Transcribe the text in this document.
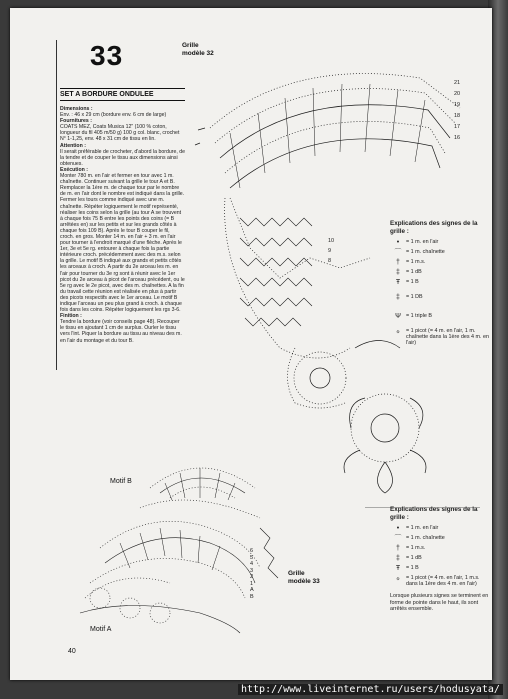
33
SET A BORDURE ONDULEE

Dimensions :
Env. : 46 x 29 cm (bordure env. 6 cm de large)

Fournitures :
COATS MEZ, Coats Musica 12" (100 % coton, longueur du fil 405 m/50 g) 100 g col. blanc, crochet N° 1-1,25, env. 48 x 31 cm de tissu en lin.

Attention :
Il serait préférable de crocheter, d'abord la bordure, de la tendre et de couper le tissu aux dimensions ainsi obtenues.

Exécution :
Monter 780 m. en l'air et fermer en tour avec 1 m. chaînette. Continuer suivant la grille le tour A et B. Remplacer la 1ère m. de chaque tour par le nombre de m. en l'air dont le nombre est indiqué dans la grille. Fermer les tours comme indiqué avec une m. chaînette. Répéter logiquement le motif représenté, réaliser les coins selon la grille (au tour A se trouvent à chaque fois 75 B entre les points des coins (= B arrêtées en) sur les petits et sur les grands côtés à chaque fois 109 B). Après le tour B couper le fil, croch. en gros. Monter 14 m. en l'air + 3 m. en l'air pour tourner à l'endroit marqué d'une flèche. Après le 1er, 3e et 5e rg. entourer à chaque fois la partie intérieure croch. précédemment avec des m.s. selon la grille. Le motif B indiqué aux grands et petits côtés les arceaux à croch. A partir du 2e arceau les m. en l'air pour tourner du 3e rg sont à réunir avec le 1er picot du 2e arceau à picot de l'arceau précédent, ou le 5e rg avec le 2e picot, avec des m. chaînettes. A la fin du travail cette réunion est réalisée en plus à partir des picots respectifs avec le 1er arceau. Le motif B indique l'arceau un peu plus grand à croch. à chaque fois dans les coins. Répéter logiquement les rgs 3-6.

Finition :
Tendre la bordure (voir conseils page 48). Recouper le tissu en ajoutant 1 cm de surplus. Ourler le tissu vers l'int. Piquer la bordure au tissu au niveau des m. en l'air du montage et du tour B.

Grille
modèle 32
21
20
19
18
17
16
10
9
8
Explications des signes de la grille :
•	= 1 m. en l'air
⌒ = 1 m. chaînette
†	= 1 m.s.
‡	= 1 dB
Ŧ	= 1 B
‡	= 1 DB
Ψ = 1 triple B
ℴ	= 1 picot (= 4 m. en l'air, 1 m. chaînette dans la 1ère des 4 m. en l'air)
6
5
4
3
2
1
A
B
Motif B
Motif A
Grille
modèle 33
Explications des signes de la grille :
•	= 1 m. en l'air
⌒ = 1 m. chaînette
†	= 1 m.s.
‡	= 1 dB
Ŧ	= 1 B
ℴ	= 1 picot (= 4 m. en l'air, 1 m.s. dans la 1ère des 4 m. en l'air)
Lorsque plusieurs signes se terminent en forme de pointe dans le haut, ils sont arrêtés ensemble.
40
http://www.liveinternet.ru/users/hodusyata/
